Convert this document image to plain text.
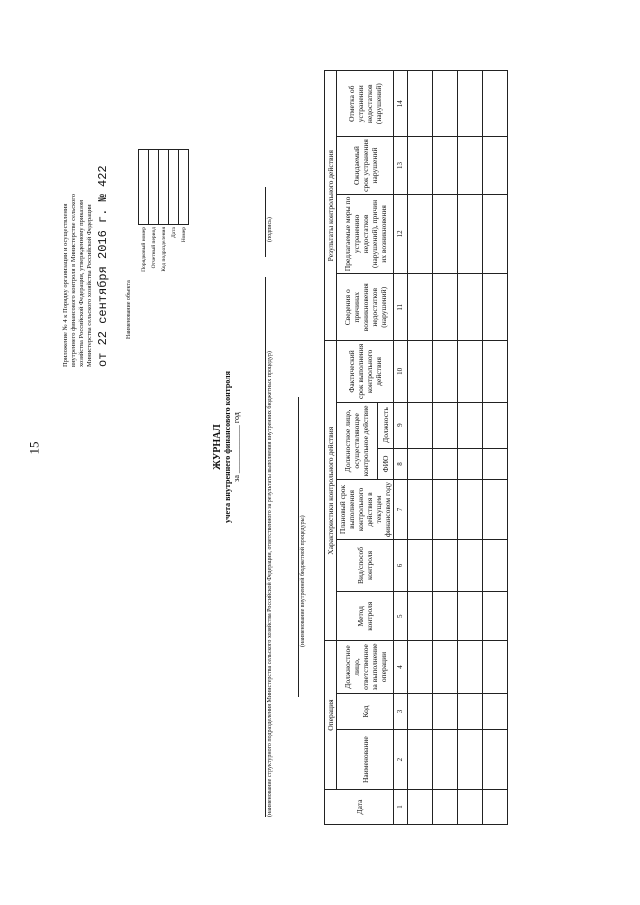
15
Приложение № 4 к Порядку организации и осуществления внутреннего финансового контроля в Министерстве сельского хозяйства Российской Федерации, утвержденному приказом Министерства сельского хозяйства Российской Федерации от 22 сентября 2016 г. № 422	Наименование объекта
Порядковый номер	
Отчетный период	
Код подразделения	
Дата	
Номер	
ЖУРНАЛ учета внутреннего финансового контроля за ____________ год	(наименование структурного подразделения Министерства сельского хозяйства Российской Федерации, ответственного за результаты выполнения внутренних бюджетных процедур)
(подпись)
(наименование внутренней бюджетной процедуры)
Дата	Операция			Характеристики контрольного действия						Результаты контрольного действия			
	Наименование	Код	Должностное лицо, ответственное за выполнение операции	Метод контроля	Вид/способ контроля	Плановый срок выполнения контрольного действия в текущем финансовом году	Должностное лицо, осуществляющее контрольное действие		Фактический срок выполнения контрольного действия	Сведения о причинах возникновения недостатков (нарушений)	Предлагаемые меры по устранению недостатков (нарушений), причин их возникновения	Ожидаемый срок устранения нарушений	Отметка об устранении недостатков (нарушений)
							ФИО	Должность					
1	2	3	4	5	6	7	8	9	10	11	12	13	14
